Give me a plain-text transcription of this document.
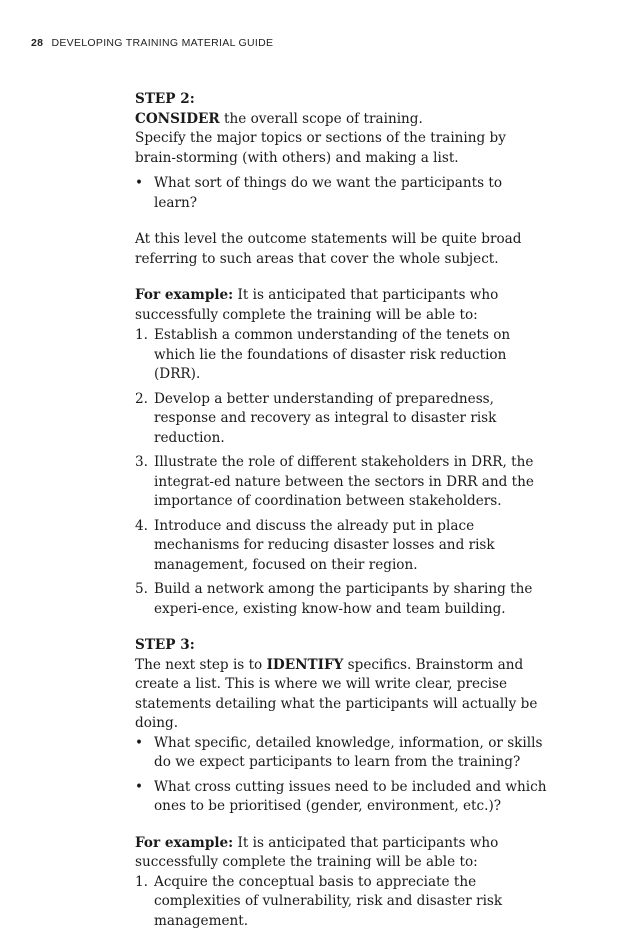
28 DEVELOPING TRAINING MATERIAL GUIDE

STEP 2:

CONSIDER the overall scope of training.

Specify the major topics or sections of the training by brain-storming (with others) and making a list.

• What sort of things do we want the participants to learn?

At this level the outcome statements will be quite broad referring to such areas that cover the whole subject.

For example: It is anticipated that participants who successfully complete the training will be able to:

1. Establish a common understanding of the tenets on which lie the foundations of disaster risk reduction (DRR).
2. Develop a better understanding of preparedness, response and recovery as integral to disaster risk reduction.
3. Illustrate the role of different stakeholders in DRR, the integrat-ed nature between the sectors in DRR and the importance of coordination between stakeholders.
4. Introduce and discuss the already put in place mechanisms for reducing disaster losses and risk management, focused on their region.
5. Build a network among the participants by sharing the experi-ence, existing know-how and team building.

STEP 3:

The next step is to IDENTIFY specifics. Brainstorm and create a list. This is where we will write clear, precise statements detailing what the participants will actually be doing.

• What specific, detailed knowledge, information, or skills do we expect participants to learn from the training?
• What cross cutting issues need to be included and which ones to be prioritised (gender, environment, etc.)?

For example: It is anticipated that participants who successfully complete the training will be able to:

1. Acquire the conceptual basis to appreciate the complexities of vulnerability, risk and disaster risk management.
